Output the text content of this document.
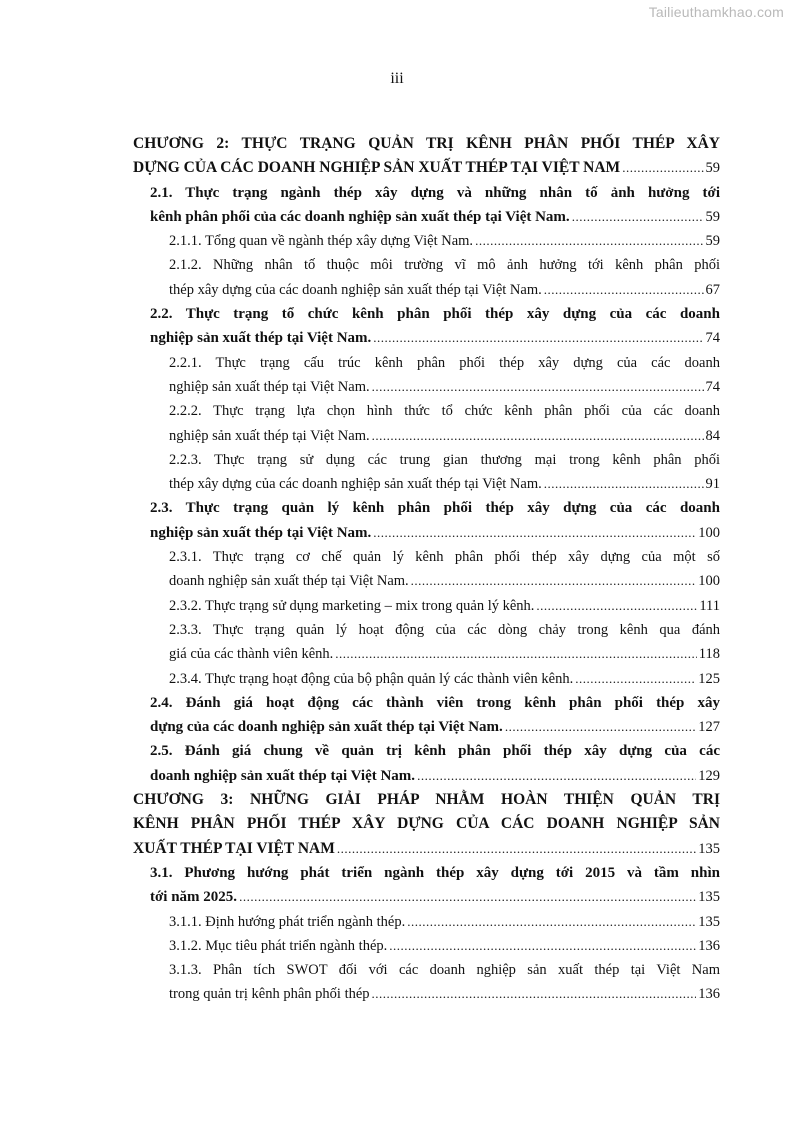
Tailieuthamkhao.com
iii
CHƯƠNG 2: THỰC TRẠNG QUẢN TRỊ KÊNH PHÂN PHỐI THÉP XÂY
DỰNG CỦA CÁC DOANH NGHIỆP SẢN XUẤT THÉP TẠI VIỆT NAM .....	59
2.1. Thực trạng ngành thép xây dựng và những nhân tố ảnh hưởng tới
kênh phân phối của các doanh nghiệp sản xuất thép tại Việt Nam. .....	59
2.1.1. Tổng quan về ngành thép xây dựng Việt Nam. .....	59
2.1.2. Những nhân tố thuộc môi trường vĩ mô ảnh hưởng tới kênh phân phối
thép xây dựng của các doanh nghiệp sản xuất thép tại Việt Nam. .....	67
2.2. Thực trạng tổ chức kênh phân phối thép xây dựng của các doanh
nghiệp sản xuất thép tại Việt Nam. .....	74
2.2.1. Thực trạng cấu trúc kênh phân phối thép xây dựng của các doanh
nghiệp sản xuất thép tại Việt Nam. .....	74
2.2.2. Thực trạng lựa chọn hình thức tổ chức kênh phân phối của các doanh
nghiệp sản xuất thép tại Việt Nam. .....	84
2.2.3. Thực trạng sử dụng các trung gian thương mại trong kênh phân phối
thép xây dựng của các doanh nghiệp sản xuất thép tại Việt Nam. .....	91
2.3. Thực trạng quản lý kênh phân phối thép xây dựng của các doanh
nghiệp sản xuất thép tại Việt Nam. .....	100
2.3.1. Thực trạng cơ chế quản lý kênh phân phối thép xây dựng của một số
doanh nghiệp sản xuất thép tại Việt Nam. .....	100
2.3.2. Thực trạng sử dụng marketing – mix trong quản lý kênh. .....	111
2.3.3. Thực trạng quản lý hoạt động của các dòng chảy trong kênh qua đánh
giá của các thành viên kênh. .....	118
2.3.4. Thực trạng hoạt động của bộ phận quản lý các thành viên kênh. .....	125
2.4. Đánh giá hoạt động các thành viên trong kênh phân phối thép xây
dựng của các doanh nghiệp sản xuất thép tại Việt Nam. .....	127
2.5. Đánh giá chung về quản trị kênh phân phối thép xây dựng của các
doanh nghiệp sản xuất thép tại Việt Nam. .....	129
CHƯƠNG 3: NHỮNG GIẢI PHÁP NHẰM HOÀN THIỆN QUẢN TRỊ
KÊNH PHÂN PHỐI THÉP XÂY DỰNG CỦA CÁC DOANH NGHIỆP SẢN
XUẤT THÉP TẠI VIỆT NAM .....	135
3.1. Phương hướng phát triển ngành thép xây dựng tới 2015 và tầm nhìn
tới năm 2025. .....	135
3.1.1. Định hướng phát triển ngành thép. .....	135
3.1.2. Mục tiêu phát triển ngành thép. .....	136
3.1.3. Phân tích SWOT đối với các doanh nghiệp sản xuất thép tại Việt Nam
trong quản trị kênh phân phối thép .....	136
